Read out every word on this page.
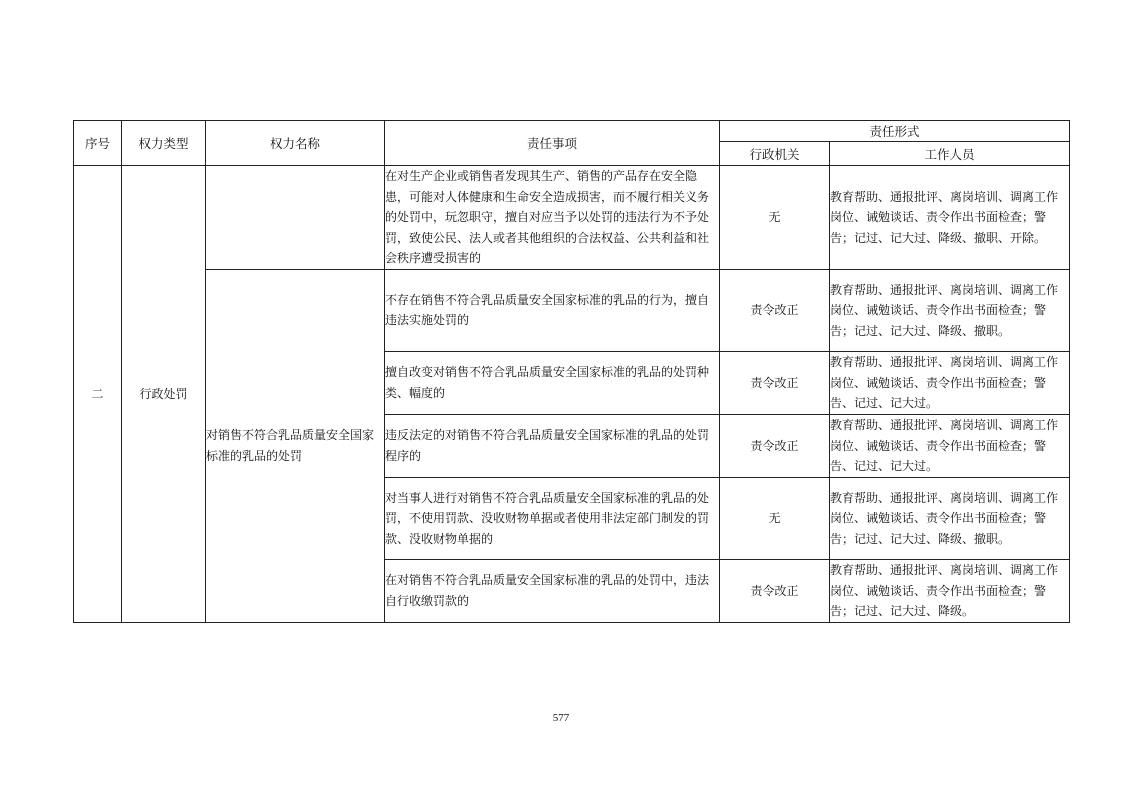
序号	权力类型	权力名称	责任事项	责任形式	
				行政机关	工作人员
二	行政处罚		在对生产企业或销售者发现其生产、销售的产品存在安全隐患，可能对人体健康和生命安全造成损害，而不履行相关义务的处罚中，玩忽职守，擅自对应当予以处罚的违法行为不予处罚，致使公民、法人或者其他组织的合法权益、公共利益和社会秩序遭受损害的	无	教育帮助、通报批评、离岗培训、调离工作岗位、诫勉谈话、责令作出书面检查；警告；记过、记大过、降级、撤职、开除。
		对销售不符合乳品质量安全国家标准的乳品的处罚	不存在销售不符合乳品质量安全国家标准的乳品的行为，擅自违法实施处罚的	责令改正	教育帮助、通报批评、离岗培训、调离工作岗位、诫勉谈话、责令作出书面检查；警告；记过、记大过、降级、撤职。
			擅自改变对销售不符合乳品质量安全国家标准的乳品的处罚种类、幅度的	责令改正	教育帮助、通报批评、离岗培训、调离工作岗位、诫勉谈话、责令作出书面检查；警告、记过、记大过。
			违反法定的对销售不符合乳品质量安全国家标准的乳品的处罚程序的	责令改正	教育帮助、通报批评、离岗培训、调离工作岗位、诫勉谈话、责令作出书面检查；警告、记过、记大过。
			对当事人进行对销售不符合乳品质量安全国家标准的乳品的处罚，不使用罚款、没收财物单据或者使用非法定部门制发的罚款、没收财物单据的	无	教育帮助、通报批评、离岗培训、调离工作岗位、诫勉谈话、责令作出书面检查；警告；记过、记大过、降级、撤职。
			在对销售不符合乳品质量安全国家标准的乳品的处罚中，违法自行收缴罚款的	责令改正	教育帮助、通报批评、离岗培训、调离工作岗位、诫勉谈话、责令作出书面检查；警告；记过、记大过、降级。
577
